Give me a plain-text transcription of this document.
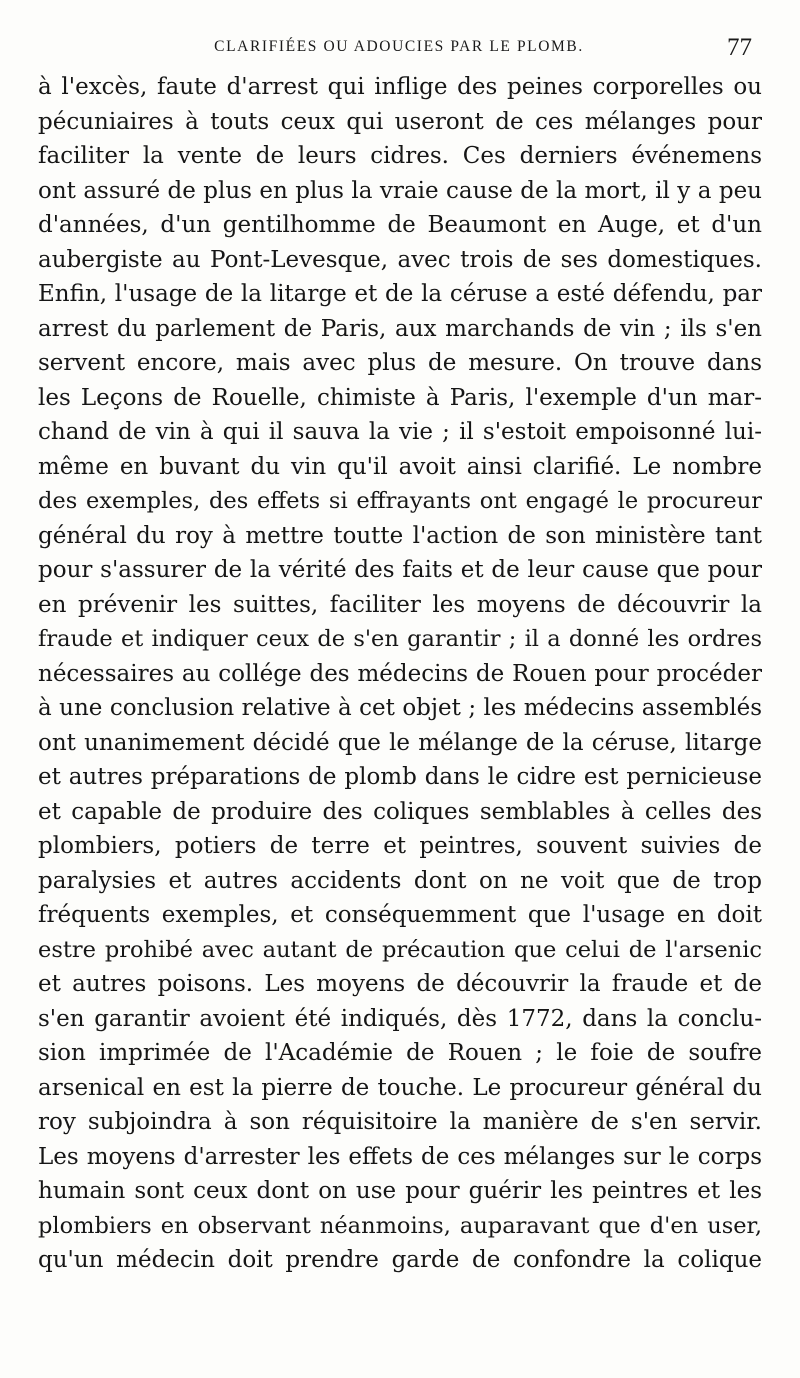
CLARIFIÉES OU ADOUCIES PAR LE PLOMB.	77
à l'excès, faute d'arrest qui inflige des peines corporelles ou
pécuniaires à touts ceux qui useront de ces mélanges pour
faciliter la vente de leurs cidres. Ces derniers événemens
ont assuré de plus en plus la vraie cause de la mort, il y a peu
d'années, d'un gentilhomme de Beaumont en Auge, et d'un
aubergiste au Pont-Levesque, avec trois de ses domestiques.
Enfin, l'usage de la litarge et de la céruse a esté défendu, par
arrest du parlement de Paris, aux marchands de vin ; ils s'en
servent encore, mais avec plus de mesure. On trouve dans
les Leçons de Rouelle, chimiste à Paris, l'exemple d'un mar-
chand de vin à qui il sauva la vie ; il s'estoit empoisonné lui-
même en buvant du vin qu'il avoit ainsi clarifié. Le nombre
des exemples, des effets si effrayants ont engagé le procureur
général du roy à mettre toutte l'action de son ministère tant
pour s'assurer de la vérité des faits et de leur cause que pour
en prévenir les suittes, faciliter les moyens de découvrir la
fraude et indiquer ceux de s'en garantir ; il a donné les ordres
nécessaires au collége des médecins de Rouen pour procéder
à une conclusion relative à cet objet ; les médecins assemblés
ont unanimement décidé que le mélange de la céruse, litarge
et autres préparations de plomb dans le cidre est pernicieuse
et capable de produire des coliques semblables à celles des
plombiers, potiers de terre et peintres, souvent suivies de
paralysies et autres accidents dont on ne voit que de trop
fréquents exemples, et conséquemment que l'usage en doit
estre prohibé avec autant de précaution que celui de l'arsenic
et autres poisons. Les moyens de découvrir la fraude et de
s'en garantir avoient été indiqués, dès 1772, dans la conclu-
sion imprimée de l'Académie de Rouen ; le foie de soufre
arsenical en est la pierre de touche. Le procureur général du
roy subjoindra à son réquisitoire la manière de s'en servir.
Les moyens d'arrester les effets de ces mélanges sur le corps
humain sont ceux dont on use pour guérir les peintres et les
plombiers en observant néanmoins, auparavant que d'en user,
qu'un médecin doit prendre garde de confondre la colique
